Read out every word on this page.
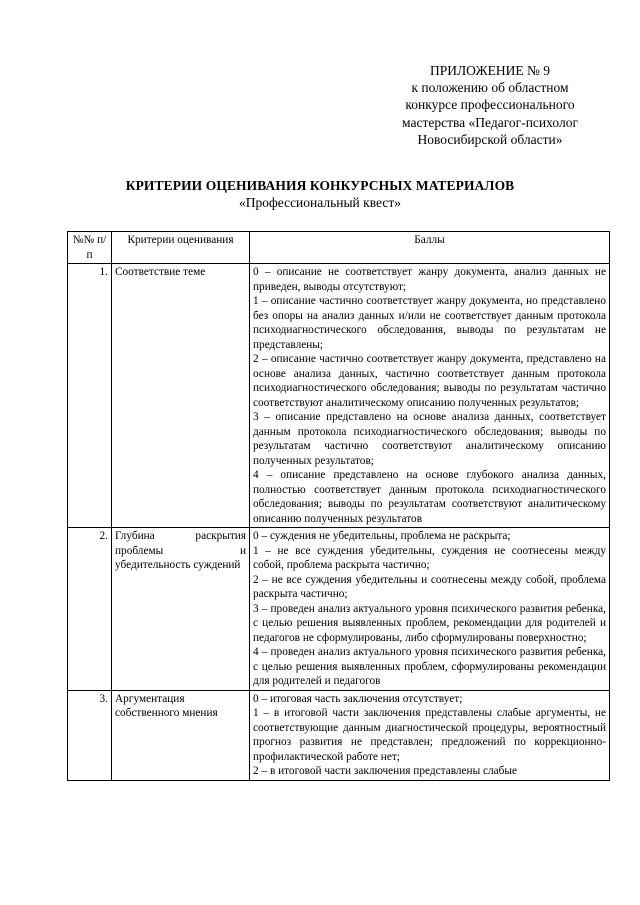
ПРИЛОЖЕНИЕ № 9
к положению об областном
конкурсе профессионального
мастерства «Педагог-психолог
Новосибирской области»
КРИТЕРИИ ОЦЕНИВАНИЯ КОНКУРСНЫХ МАТЕРИАЛОВ
«Профессиональный квест»
№№ п/п	Критерии оценивания	Баллы
1.	Соответствие теме	0 – описание не соответствует жанру документа, анализ данных не приведен, выводы отсутствуют;

1 – описание частично соответствует жанру документа, но представлено без опоры на анализ данных и/или не соответствует данным протокола психодиагностического обследования, выводы по результатам не представлены;

2 – описание частично соответствует жанру документа, представлено на основе анализа данных, частично соответствует данным протокола психодиагностического обследования; выводы по результатам частично соответствуют аналитическому описанию полученных результатов;

3 – описание представлено на основе анализа данных, соответствует данным протокола психодиагностического обследования; выводы по результатам частично соответствуют аналитическому описанию полученных результатов;

4 – описание представлено на основе глубокого анализа данных, полностью соответствует данным протокола психодиагностического обследования; выводы по результатам соответствуют аналитическому описанию полученных результатов

2.	Глубина раскрытия проблемы и убедительность суждений	0 – суждения не убедительны, проблема не раскрыта;

1 – не все суждения убедительны, суждения не соотнесены между собой, проблема раскрыта частично;

2 – не все суждения убедительны и соотнесены между собой, проблема раскрыта частично;

3 – проведен анализ актуального уровня психического развития ребенка, с целью решения выявленных проблем, рекомендации для родителей и педагогов не сформулированы, либо сформулированы поверхностно;

4 – проведен анализ актуального уровня психического развития ребенка, с целью решения выявленных проблем, сформулированы рекомендации для родителей и педагогов

3.	Аргументация собственного мнения	0 – итоговая часть заключения отсутствует;

1 – в итоговой части заключения представлены слабые аргументы, не соответствующие данным диагностической процедуры, вероятностный прогноз развития не представлен; предложений по коррекционно-профилактической работе нет;

2 – в итоговой части заключения представлены слабые
